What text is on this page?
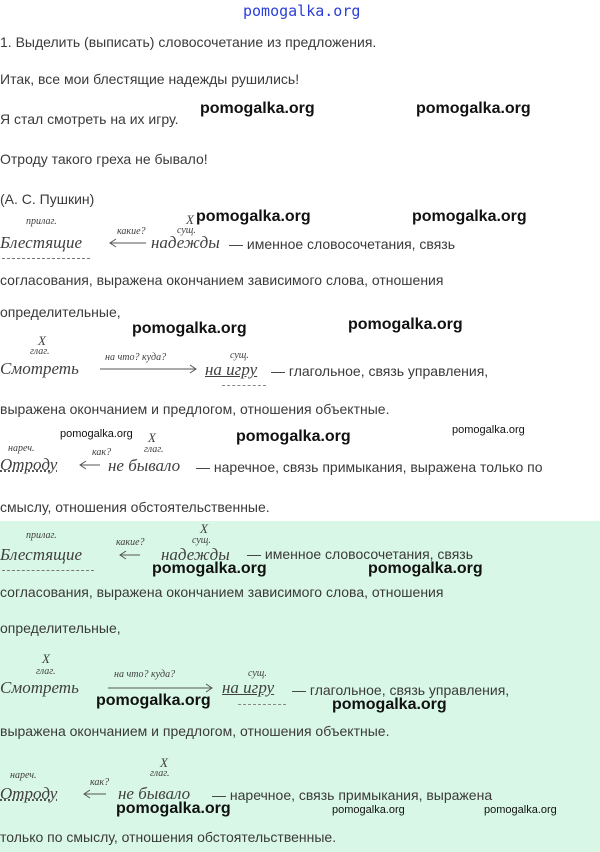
pomogalka.org
1. Выделить (выписать) словосочетание из предложения.
Итак, все мои блестящие надежды рушились!
Я стал смотреть на их игру.
Отроду такого греха не бывало!
(А. С. Пушкин)
прилаг.
Блестящие
какие?
X
сущ.
надежды — именное словосочетания, связь
согласования, выражена окончанием зависимого слова, отношения
определительные,
X
глаг.
Смотреть
на что? куда?	сущ.
на игру — глагольное, связь управления,
выражена окончанием и предлогом, отношения объектные.
нареч.
Отроду
как?
X
глаг.
не бывало — наречное, связь примыкания, выражена только по
смыслу, отношения обстоятельственные.
прилаг.
Блестящие
какие?
X
сущ.
надежды — именное словосочетания, связь
согласования, выражена окончанием зависимого слова, отношения
определительные,
X
глаг.
Смотреть
на что? куда?	сущ.
на игру — глагольное, связь управления,
выражена окончанием и предлогом, отношения объектные.
X
нареч.
как?
глаг.
Отроду	не бывало — наречное, связь примыкания, выражена
только по смыслу, отношения обстоятельственные.
pomogalka.org	pomogalka.org
pomogalka.org	pomogalka.org
pomogalka.org	pomogalka.org
pomogalka.org	pomogalka.org	pomogalka.org
pomogalka.org	pomogalka.org
pomogalka.org	pomogalka.org
pomogalka.org	pomogalka.org	pomogalka.org
